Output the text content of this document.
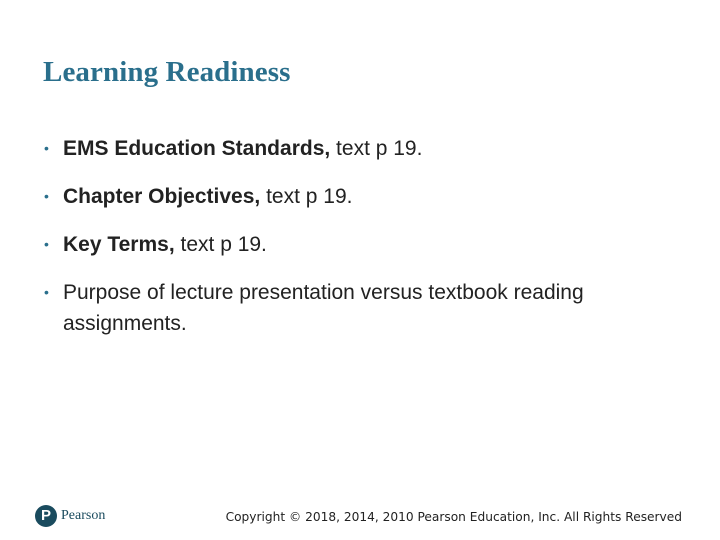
Learning Readiness
• EMS Education Standards, text p 19.
• Chapter Objectives, text p 19.
• Key Terms, text p 19.
• Purpose of lecture presentation versus textbook reading assignments.
P Pearson	Copyright © 2018, 2014, 2010 Pearson Education, Inc. All Rights Reserved
